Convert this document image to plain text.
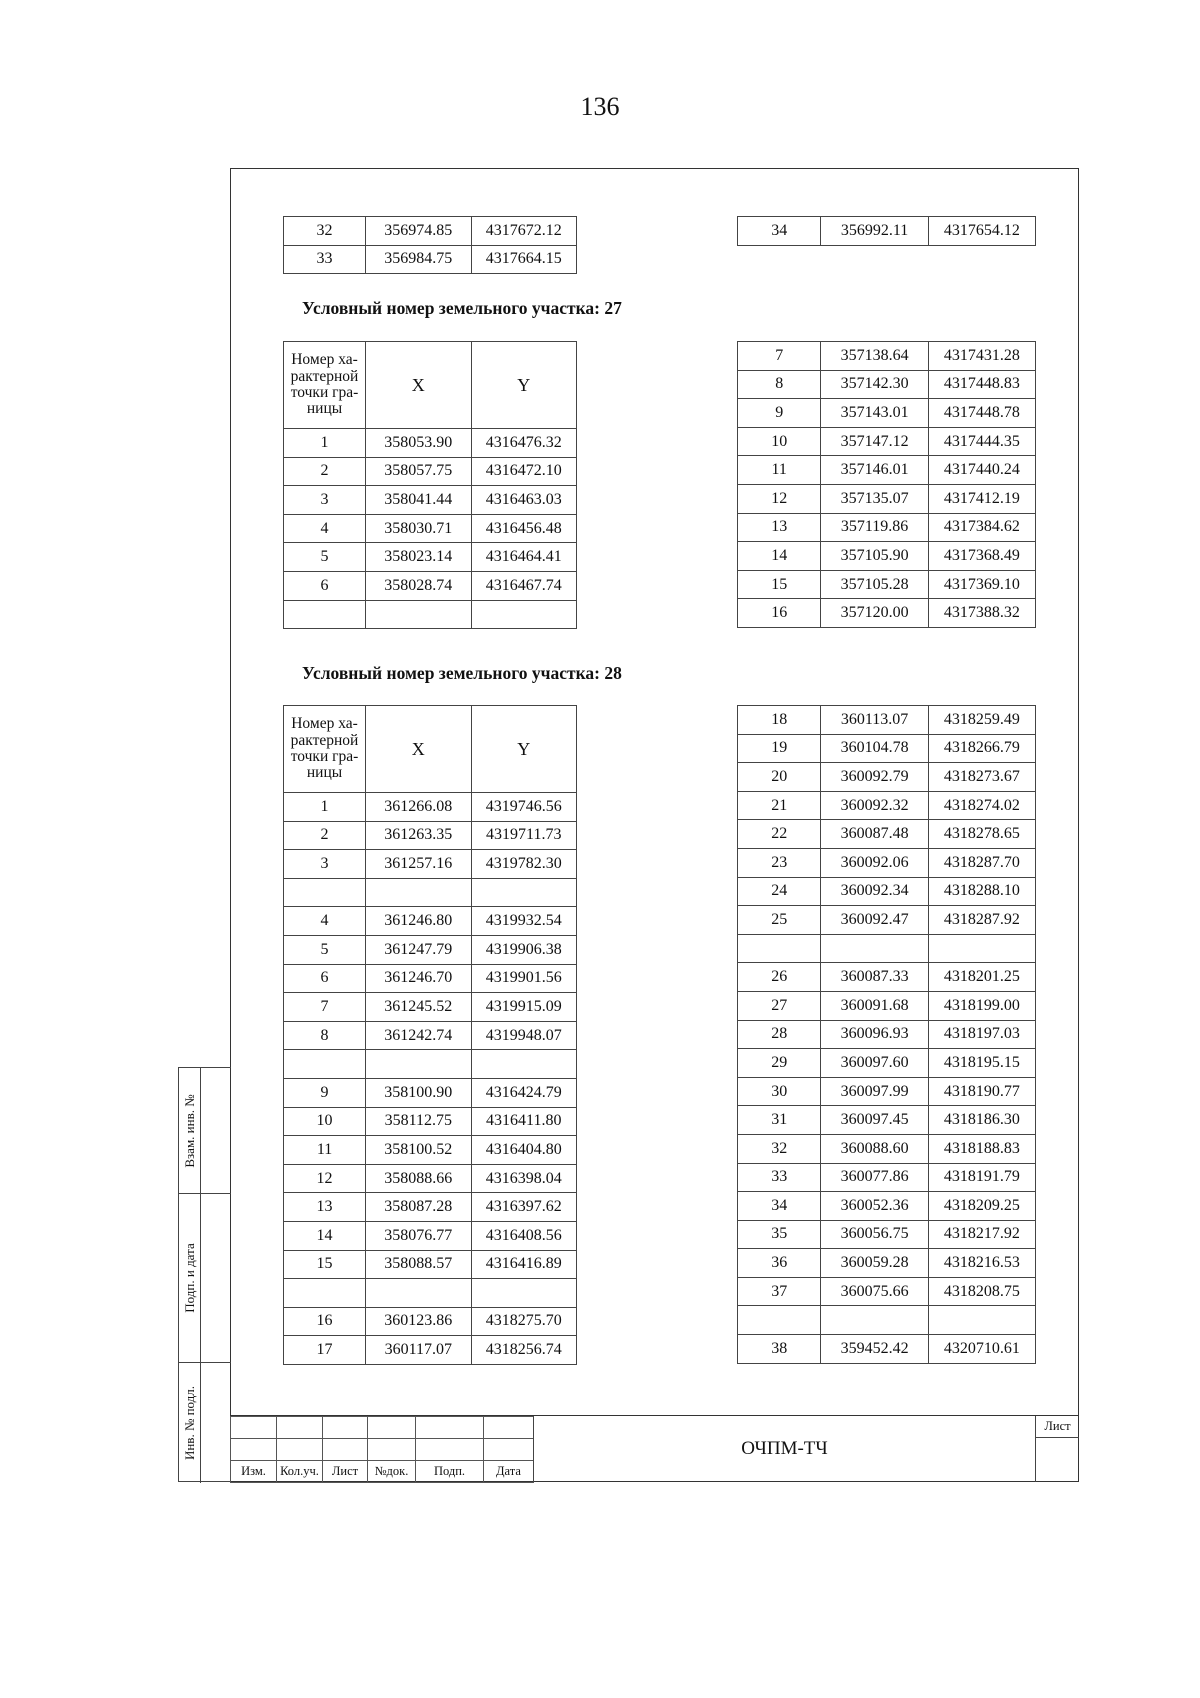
136
32	356974.85	4317672.12
33	356984.75	4317664.15
34	356992.11	4317654.12
Условный номер земельного участка: 27
Номер ха-рактерной точки гра-ницы	X	Y
1	358053.90	4316476.32
2	358057.75	4316472.10
3	358041.44	4316463.03
4	358030.71	4316456.48
5	358023.14	4316464.41
6	358028.74	4316467.74

7	357138.64	4317431.28
8	357142.30	4317448.83
9	357143.01	4317448.78
10	357147.12	4317444.35
11	357146.01	4317440.24
12	357135.07	4317412.19
13	357119.86	4317384.62
14	357105.90	4317368.49
15	357105.28	4317369.10
16	357120.00	4317388.32
Условный номер земельного участка: 28
Номер ха-рактерной точки гра-ницы	X	Y
1	361266.08	4319746.56
2	361263.35	4319711.73
3	361257.16	4319782.30

4	361246.80	4319932.54
5	361247.79	4319906.38
6	361246.70	4319901.56
7	361245.52	4319915.09
8	361242.74	4319948.07

9	358100.90	4316424.79
10	358112.75	4316411.80
11	358100.52	4316404.80
12	358088.66	4316398.04
13	358087.28	4316397.62
14	358076.77	4316408.56
15	358088.57	4316416.89

16	360123.86	4318275.70
17	360117.07	4318256.74
18	360113.07	4318259.49
19	360104.78	4318266.79
20	360092.79	4318273.67
21	360092.32	4318274.02
22	360087.48	4318278.65
23	360092.06	4318287.70
24	360092.34	4318288.10
25	360092.47	4318287.92

26	360087.33	4318201.25
27	360091.68	4318199.00
28	360096.93	4318197.03
29	360097.60	4318195.15
30	360097.99	4318190.77
31	360097.45	4318186.30
32	360088.60	4318188.83
33	360077.86	4318191.79
34	360052.36	4318209.25
35	360056.75	4318217.92
36	360059.28	4318216.53
37	360075.66	4318208.75

38	359452.42	4320710.61
Взам. инв. №
Подп. и дата
Инв. № подл.

Изм.	Кол.уч.	Лист	№док.	Подп.	Дата
ОЧПМ-ТЧ
Лист
